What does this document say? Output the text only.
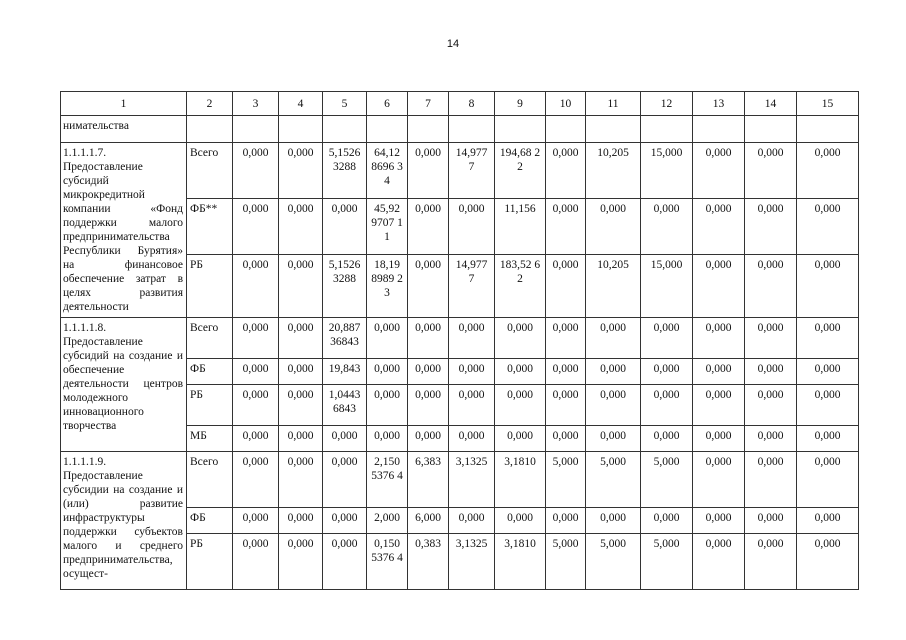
14
1	2	3	4	5	6	7	8	9	10	11	12	13	14	15
нимательства														
1.1.1.1.7. Предоставление субсидий микрокредитной компании «Фонд поддержки малого предпринимательства Республики Бурятия» на финансовое обеспечение затрат в целях развития деятельности	Всего	0,000	0,000	5,1526 3288	64,12 8696 34	0,000	14,977 7	194,68 22	0,000	10,205	15,000	0,000	0,000	0,000
	ФБ**	0,000	0,000	0,000	45,92 9707 11	0,000	0,000	11,156	0,000	0,000	0,000	0,000	0,000	0,000
	РБ	0,000	0,000	5,1526 3288	18,19 8989 23	0,000	14,977 7	183,52 62	0,000	10,205	15,000	0,000	0,000	0,000
1.1.1.1.8. Предоставление субсидий на создание и обеспечение деятельности центров молодежного инновационного творчества	Всего	0,000	0,000	20,887 36843	0,000	0,000	0,000	0,000	0,000	0,000	0,000	0,000	0,000	0,000
	ФБ	0,000	0,000	19,843	0,000	0,000	0,000	0,000	0,000	0,000	0,000	0,000	0,000	0,000
	РБ	0,000	0,000	1,0443 6843	0,000	0,000	0,000	0,000	0,000	0,000	0,000	0,000	0,000	0,000
	МБ	0,000	0,000	0,000	0,000	0,000	0,000	0,000	0,000	0,000	0,000	0,000	0,000	0,000
1.1.1.1.9. Предоставление субсидии на создание и (или) развитие инфраструктуры поддержки субъектов малого и среднего предпринимательства, осущест-	Всего	0,000	0,000	0,000	2,150 5376 4	6,383	3,1325	3,1810	5,000	5,000	5,000	0,000	0,000	0,000
	ФБ	0,000	0,000	0,000	2,000	6,000	0,000	0,000	0,000	0,000	0,000	0,000	0,000	0,000
	РБ	0,000	0,000	0,000	0,150 5376 4	0,383	3,1325	3,1810	5,000	5,000	5,000	0,000	0,000	0,000
